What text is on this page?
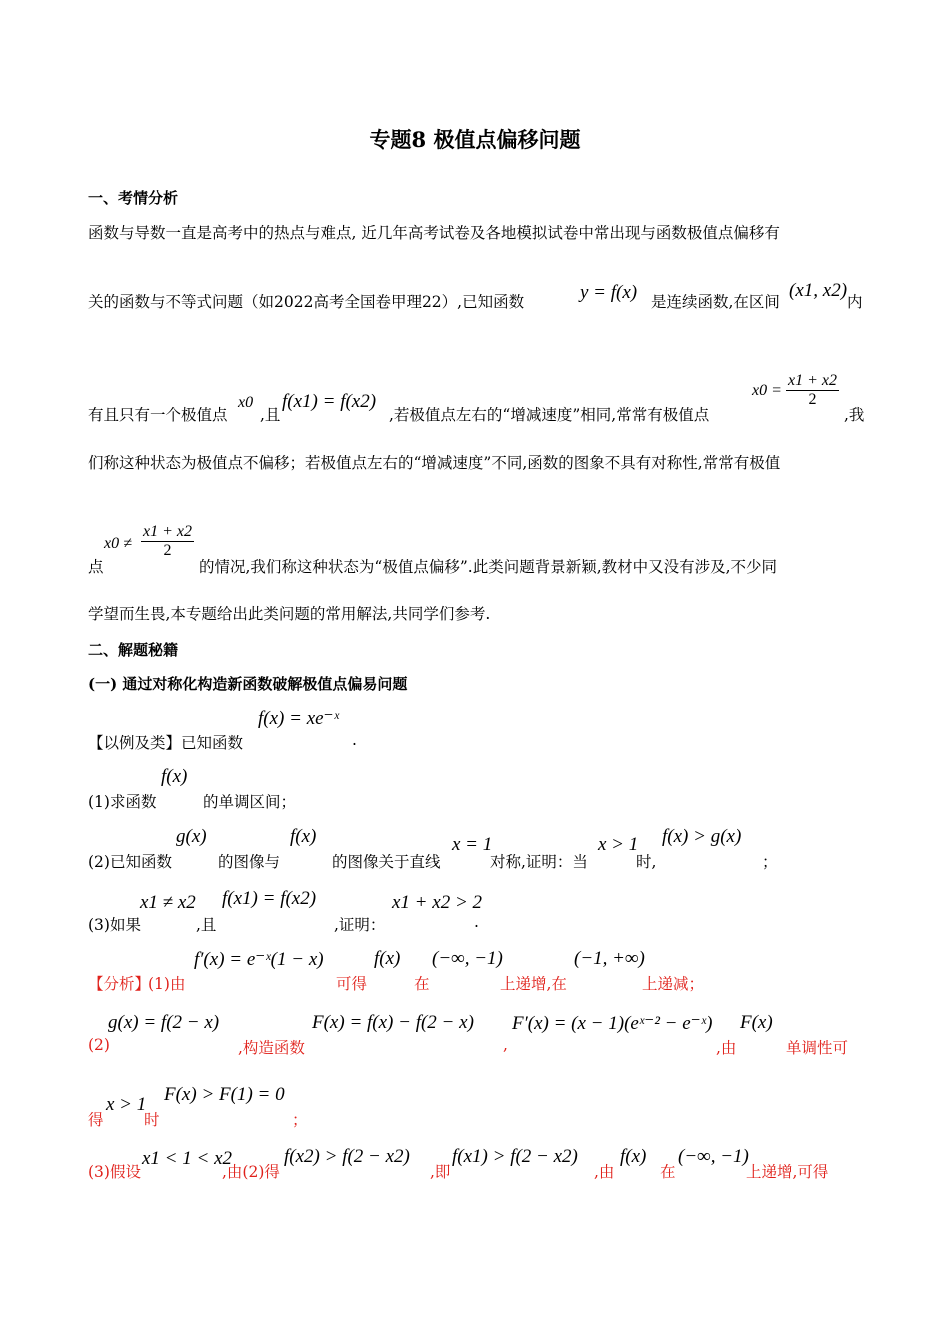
专题8 极值点偏移问题
一、考情分析
函数与导数一直是高考中的热点与难点, 近几年高考试卷及各地模拟试卷中常出现与函数极值点偏移有
关的函数与不等式问题（如2022高考全国卷甲理22）,已知函数	y = f(x) 是连续函数,在区间
(x1, x2)
内
有且只有一个极值点
x0
,且
f(x1) = f(x2)
,若极值点左右的“增减速度”相同,常常有极值点
$x0 = \frac{x1 + x2}{2}$
,我
们称这种状态为极值点不偏移；若极值点左右的“增减速度”不同,函数的图象不具有对称性,常常有极值
点
$x0 \ne \frac{x1 + x2}{2}$
的情况,我们称这种状态为“极值点偏移”.此类问题背景新颖,教材中又没有涉及,不少同
学望而生畏,本专题给出此类问题的常用解法,共同学们参考.
二、解题秘籍
(一) 通过对称化构造新函数破解极值点偏易问题
【以例及类】已知函数
f(x) = xe⁻ˣ
.
(1)求函数
f(x)
的单调区间；
(2)已知函数
g(x)
的图像与
f(x)
的图像关于直线
x = 1
对称,证明：当
x > 1
时,
f(x) > g(x)
；
(3)如果
x1 ≠ x2
,且
f(x1) = f(x2)
,证明：
x1 + x2 > 2
.
【分析】
(1)由
f′(x) = e⁻ˣ(1 − x)
可得
f(x)
在
(−∞, −1)
上递增,在
(−1, +∞)
上递减；
(2)
g(x) = f(2 − x)
,构造函数
F(x) = f(x) − f(2 − x)
,
F′(x) = (x − 1)(eˣ⁻² − e⁻ˣ)
,由
F(x)
单调性可
得
x > 1
时
F(x) > F(1) = 0
；
(3)假设
x1 < 1 < x2
,由(2)得
f(x2) > f(2 − x2)
,即
f(x1) > f(2 − x2)
,由
f(x)
在
(−∞, −1)
上递增,可得
